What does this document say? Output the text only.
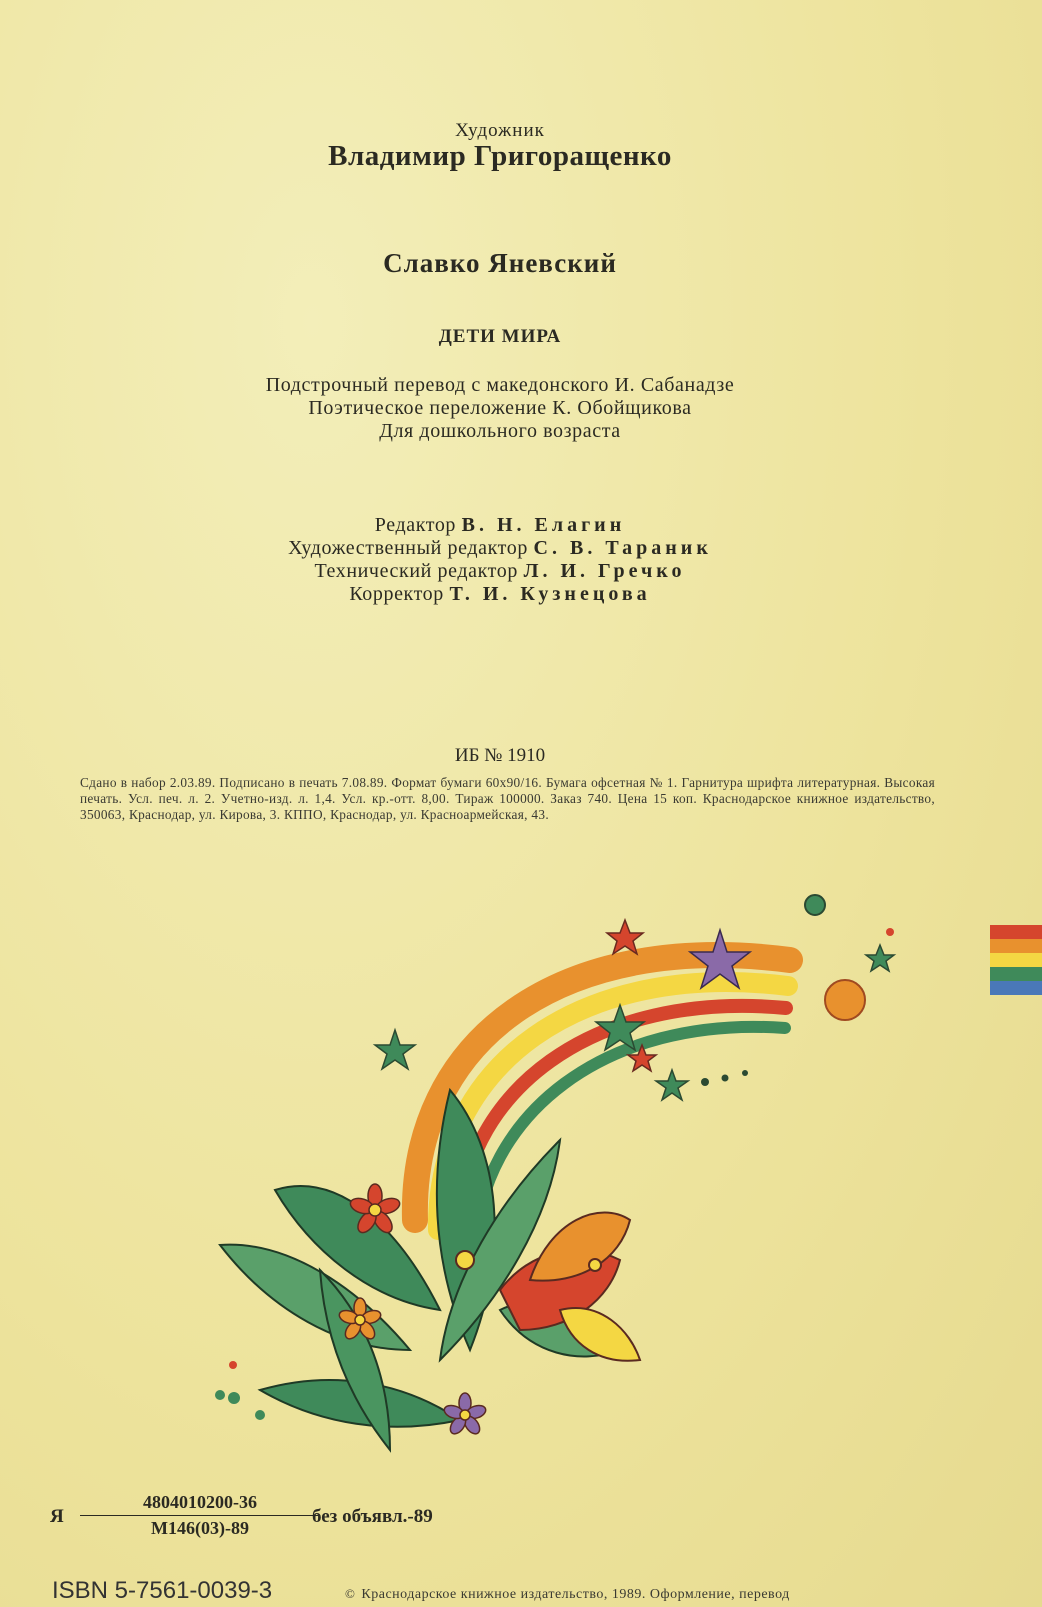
Художник
Владимир Григоращенко
Славко Яневский
ДЕТИ МИРА
Подстрочный перевод с македонского И. Сабанадзе
Поэтическое переложение К. Обойщикова
Для дошкольного возраста
Редактор В. Н. Елагин
Художественный редактор С. В. Тараник
Технический редактор Л. И. Гречко
Корректор Т. И. Кузнецова
ИБ № 1910
Сдано в набор 2.03.89. Подписано в печать 7.08.89. Формат бумаги 60х90/16. Бумага офсетная № 1. Гарнитура шрифта литературная. Высокая печать. Усл. печ. л. 2. Учетно-изд. л. 1,4. Усл. кр.-отт. 8,00. Тираж 100000. Заказ 740. Цена 15 коп. Краснодарское книжное издательство, 350063, Краснодар, ул. Кирова, 3. КППО, Краснодар, ул. Красноармейская, 43.
Я
4804010200-36
М146(03)-89
без объявл.-89
ISBN 5-7561-0039-3	© Краснодарское книжное издательство, 1989. Оформление, перевод
